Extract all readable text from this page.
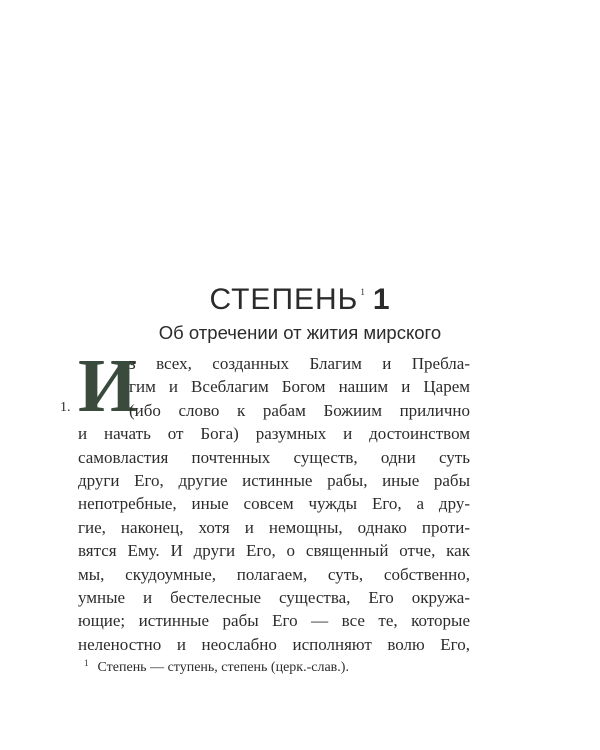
СТЕПЕНЬ $^1$ 1
Об отречении от жития мирского
И
1.
з всех, созданных Благим и Пребла-
гим и Всеблагим Богом нашим и Царем
(ибо слово к рабам Божиим прилично
и начать от Бога) разумных и достоинством
самовластия почтенных существ, одни суть
други Его, другие истинные рабы, иные рабы
непотребные, иные совсем чужды Его, а дру-
гие, наконец, хотя и немощны, однако проти-
вятся Ему. И други Его, о священный отче, как
мы, скудоумные, полагаем, суть, собственно,
умные и бестелесные существа, Его окружа-
ющие; истинные рабы Его — все те, которые
неленостно и неослабно исполняют волю Его,
$^1$ Степень — ступень, степень (церк.-слав.).
